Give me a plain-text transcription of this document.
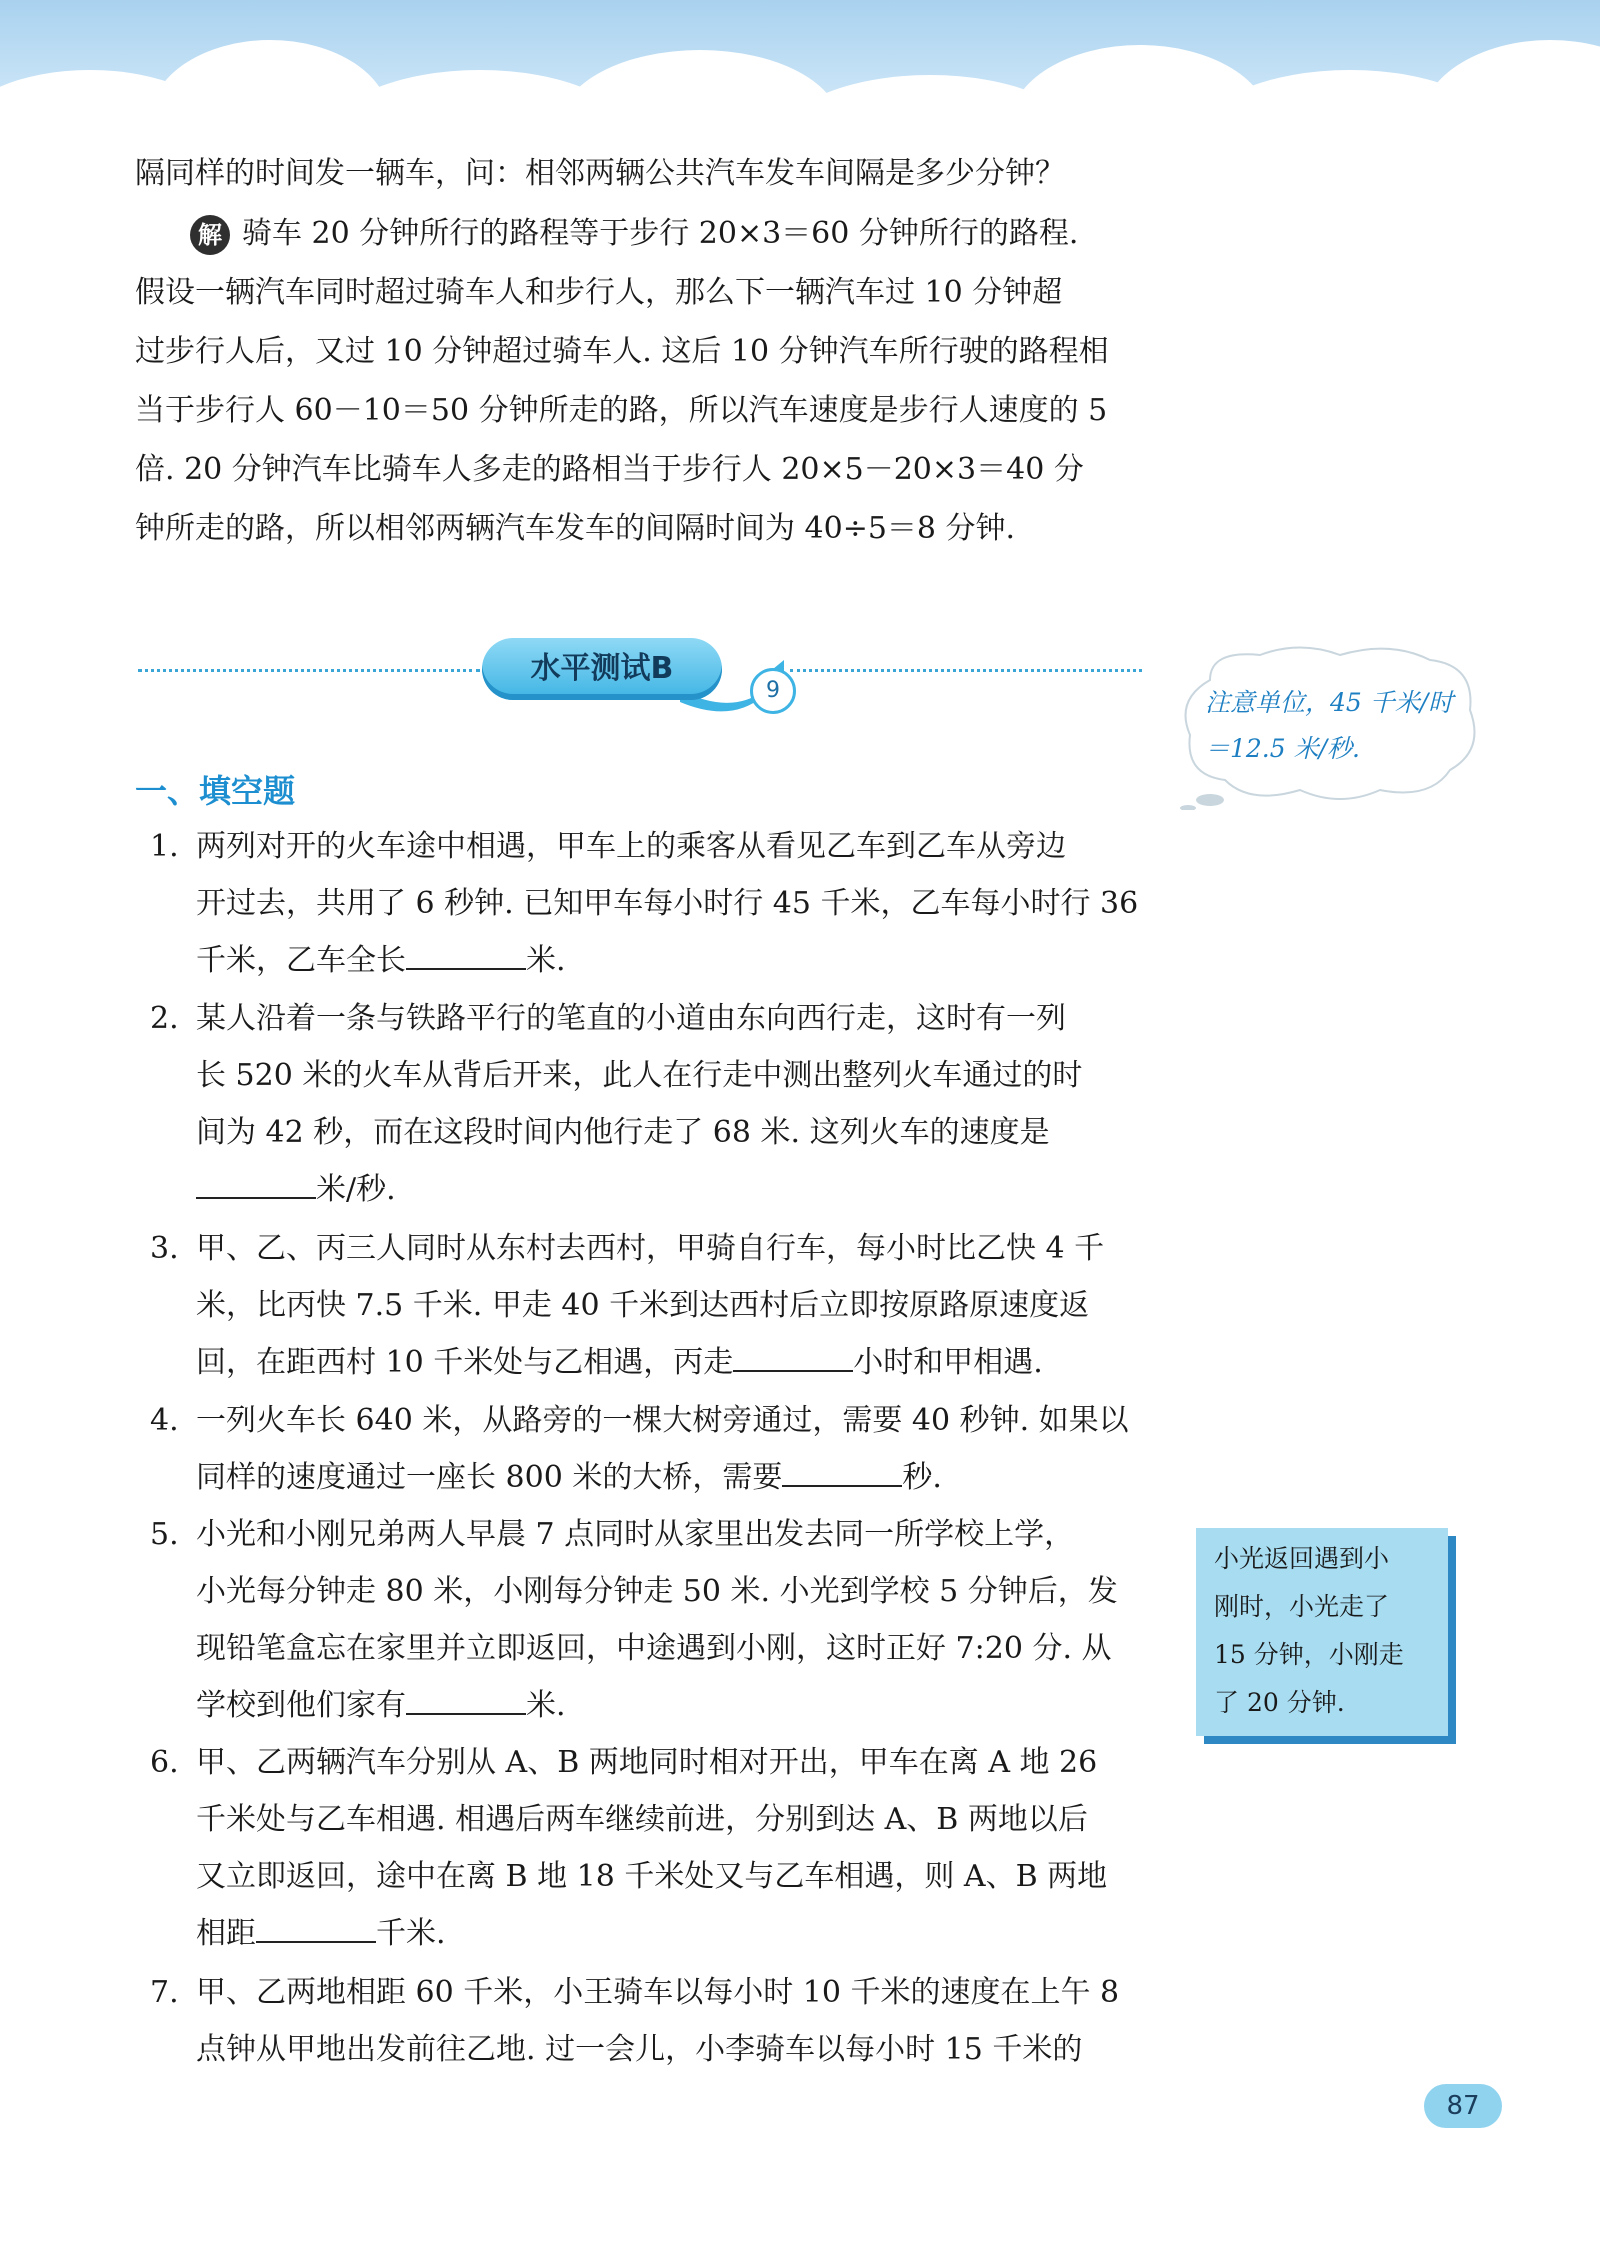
隔同样的时间发一辆车，问：相邻两辆公共汽车发车间隔是多少分钟？
解 骑车 20 分钟所行的路程等于步行 20×3＝60 分钟所行的路程.
假设一辆汽车同时超过骑车人和步行人，那么下一辆汽车过 10 分钟超
过步行人后，又过 10 分钟超过骑车人. 这后 10 分钟汽车所行驶的路程相
当于步行人 60－10＝50 分钟所走的路，所以汽车速度是步行人速度的 5
倍. 20 分钟汽车比骑车人多走的路相当于步行人 20×5－20×3＝40 分
钟所走的路，所以相邻两辆汽车发车的间隔时间为 40÷5＝8 分钟.
水平测试B
9	注意单位，45 千米/时
＝12.5 米/秒.
一、填空题
1. 两列对开的火车途中相遇，甲车上的乘客从看见乙车到乙车从旁边
开过去，共用了 6 秒钟. 已知甲车每小时行 45 千米，乙车每小时行 36
千米，乙车全长	米.
2. 某人沿着一条与铁路平行的笔直的小道由东向西行走，这时有一列
长 520 米的火车从背后开来，此人在行走中测出整列火车通过的时
间为 42 秒，而在这段时间内他行走了 68 米. 这列火车的速度是
米/秒.
3. 甲、乙、丙三人同时从东村去西村，甲骑自行车，每小时比乙快 4 千
米，比丙快 7.5 千米. 甲走 40 千米到达西村后立即按原路原速度返
回，在距西村 10 千米处与乙相遇，丙走	小时和甲相遇.
4. 一列火车长 640 米，从路旁的一棵大树旁通过，需要 40 秒钟. 如果以
同样的速度通过一座长 800 米的大桥，需要	秒.
5. 小光和小刚兄弟两人早晨 7 点同时从家里出发去同一所学校上学，
小光每分钟走 80 米，小刚每分钟走 50 米. 小光到学校 5 分钟后，发
现铅笔盒忘在家里并立即返回，中途遇到小刚，这时正好 7:20 分. 从
学校到他们家有	米.
6. 甲、乙两辆汽车分别从 A、B 两地同时相对开出，甲车在离 A 地 26
千米处与乙车相遇. 相遇后两车继续前进，分别到达 A、B 两地以后
又立即返回，途中在离 B 地 18 千米处又与乙车相遇，则 A、B 两地
相距	千米.
7. 甲、乙两地相距 60 千米，小王骑车以每小时 10 千米的速度在上午 8
点钟从甲地出发前往乙地. 过一会儿，小李骑车以每小时 15 千米的
小光返回遇到小
刚时，小光走了
15 分钟，小刚走
了 20 分钟.
87
